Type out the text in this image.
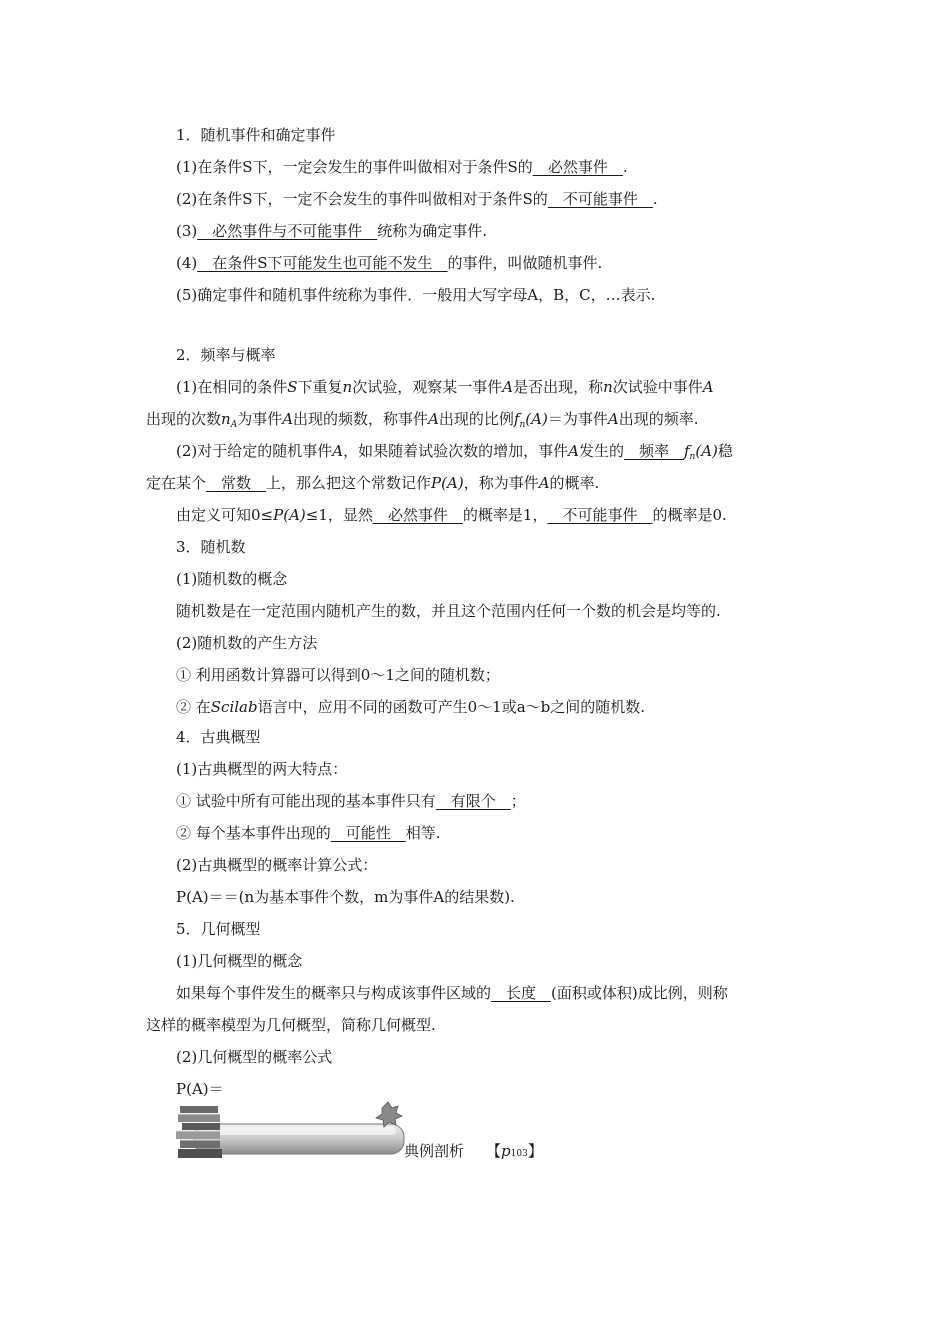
1．随机事件和确定事件
(1)在条件S下，一定会发生的事件叫做相对于条件S的__必然事件__.
(2)在条件S下，一定不会发生的事件叫做相对于条件S的__不可能事件__.
(3)__必然事件与不可能事件__统称为确定事件.
(4)__在条件S下可能发生也可能不发生__的事件，叫做随机事件.
(5)确定事件和随机事件统称为事件．一般用大写字母A，B，C，…表示.
2．频率与概率
(1)在相同的条件S下重复n次试验，观察某一事件A是否出现，称n次试验中事件A
出现的次数$n_A$为事件A出现的频数，称事件A出现的比例$f_n(A)=$为事件A出现的频率.
(2)对于给定的随机事件A，如果随着试验次数的增加，事件A发生的__频率$\_\_f_n(A)$稳
定在某个__常数__上，那么把这个常数记作P(A)，称为事件A的概率.
由定义可知0≤P(A)≤1，显然__必然事件__的概率是1，__不可能事件__的概率是0.
3．随机数
(1)随机数的概念
随机数是在一定范围内随机产生的数，并且这个范围内任何一个数的机会是均等的.
(2)随机数的产生方法
① 利用函数计算器可以得到0～1之间的随机数；
② 在Scilab语言中，应用不同的函数可产生0～1或a～b之间的随机数.
4．古典概型
(1)古典概型的两大特点：
① 试验中所有可能出现的基本事件只有__有限个__；
② 每个基本事件出现的__可能性__相等.
(2)古典概型的概率计算公式：
P(A)＝＝(n为基本事件个数，m为事件A的结果数).
5．几何概型
(1)几何概型的概念
如果每个事件发生的概率只与构成该事件区域的__长度__(面积或体积)成比例，则称
这样的概率模型为几何概型，简称几何概型.
(2)几何概型的概率公式
P(A)＝
典例剖析 【p103】
